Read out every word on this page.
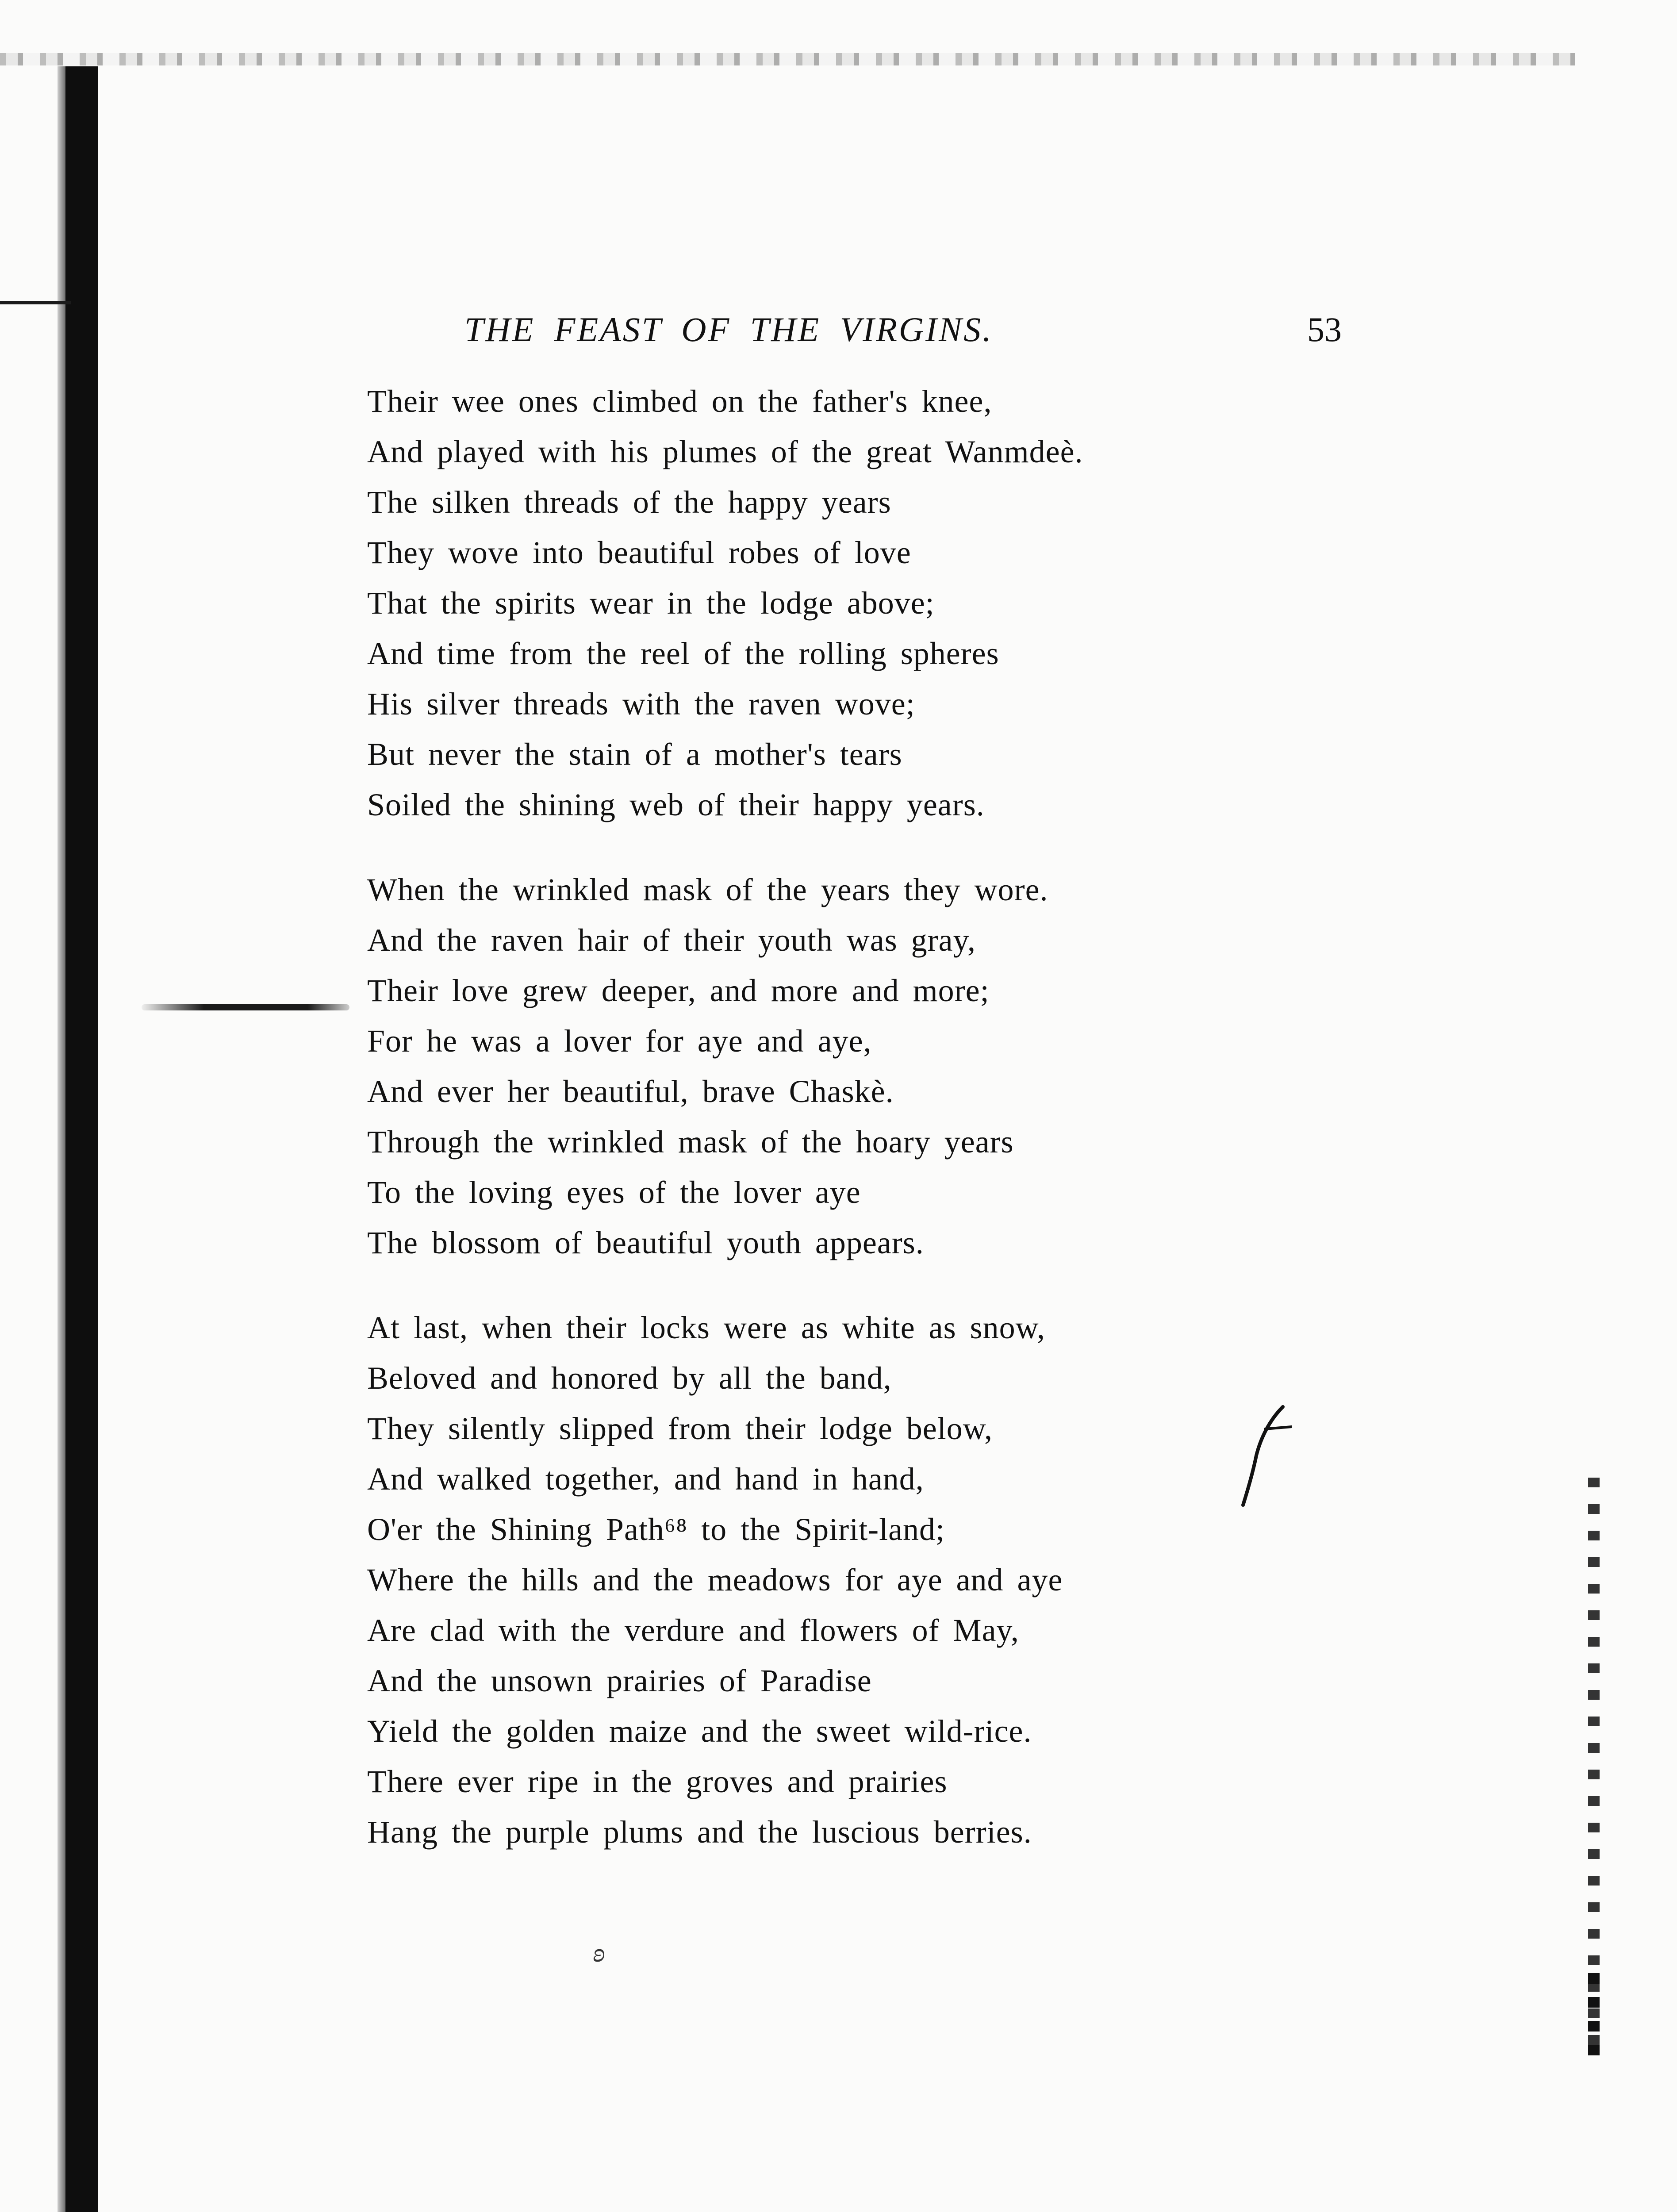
THE FEAST OF THE VIRGINS.	53
Their wee ones climbed on the father's knee,
And played with his plumes of the great Wanmdeè.
The silken threads of the happy years
They wove into beautiful robes of love
That the spirits wear in the lodge above;
And time from the reel of the rolling spheres
His silver threads with the raven wove;
But never the stain of a mother's tears
Soiled the shining web of their happy years.
When the wrinkled mask of the years they wore.
And the raven hair of their youth was gray,
Their love grew deeper, and more and more;
For he was a lover for aye and aye,
And ever her beautiful, brave Chaskè.
Through the wrinkled mask of the hoary years
To the loving eyes of the lover aye
The blossom of beautiful youth appears.
At last, when their locks were as white as snow,
Beloved and honored by all the band,
They silently slipped from their lodge below,
And walked together, and hand in hand,
O'er the Shining Path⁶⁸ to the Spirit-land;
Where the hills and the meadows for aye and aye
Are clad with the verdure and flowers of May,
And the unsown prairies of Paradise
Yield the golden maize and the sweet wild-rice.
There ever ripe in the groves and prairies
Hang the purple plums and the luscious berries.
ʚ
